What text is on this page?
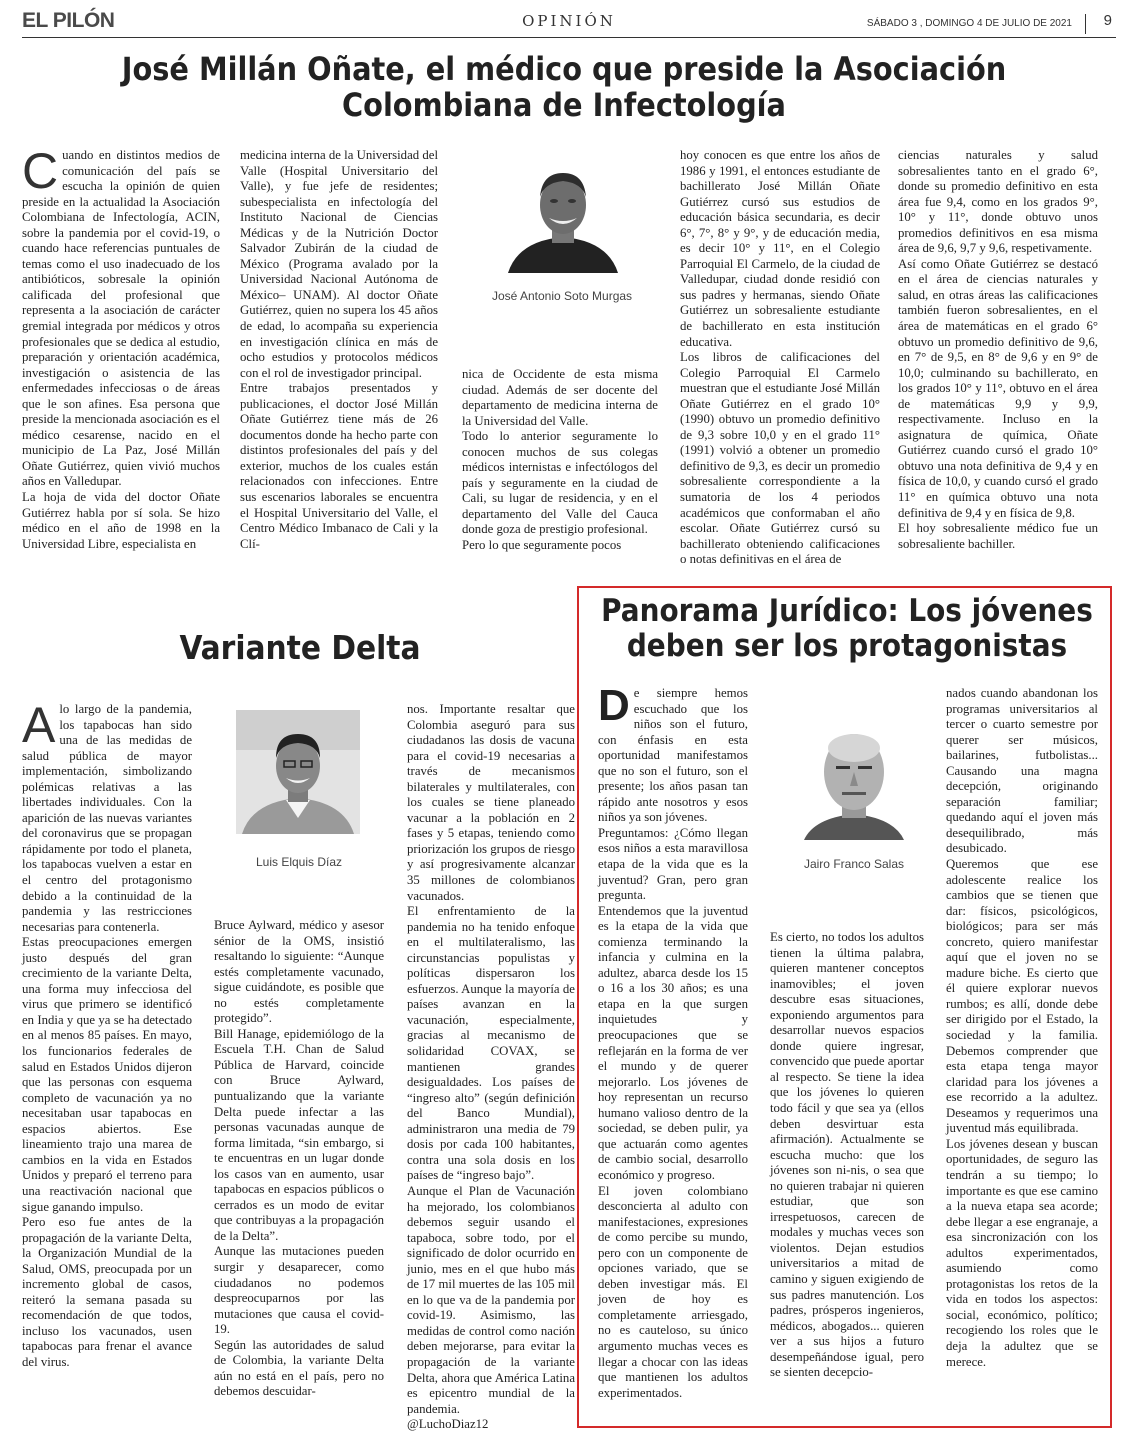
EL PILÓN	OPINIÓN	SÁBADO 3 , DOMINGO 4 DE JULIO DE 2021 9
José Millán Oñate, el médico que preside la Asociación Colombiana de Infectología

Cuando en distintos medios de comunicación del país se escucha la opinión de quien preside en la actualidad la Asociación Colombiana de Infectología, ACIN, sobre la pandemia por el covid-19, o cuando hace referencias puntuales de temas como el uso inadecuado de los antibióticos, sobresale la opinión calificada del profesional que representa a la asociación de carácter gremial integrada por médicos y otros profesionales que se dedica al estudio, preparación y orientación académica, investigación o asistencia de las enfermedades infecciosas o de áreas que le son afines. Esa persona que preside la mencionada asociación es el médico cesarense, nacido en el municipio de La Paz, José Millán Oñate Gutiérrez, quien vivió muchos años en Valledupar.

La hoja de vida del doctor Oñate Gutiérrez habla por sí sola. Se hizo médico en el año de 1998 en la Universidad Libre, especialista en

medicina interna de la Universidad del Valle (Hospital Universitario del Valle), y fue jefe de residentes; subespecialista en infectología del Instituto Nacional de Ciencias Médicas y de la Nutrición Doctor Salvador Zubirán de la ciudad de México (Programa avalado por la Universidad Nacional Autónoma de México– UNAM). Al doctor Oñate Gutiérrez, quien no supera los 45 años de edad, lo acompaña su experiencia en investigación clínica en más de ocho estudios y protocolos médicos con el rol de investigador principal.

Entre trabajos presentados y publicaciones, el doctor José Millán Oñate Gutiérrez tiene más de 26 documentos donde ha hecho parte con distintos profesionales del país y del exterior, muchos de los cuales están relacionados con infecciones. Entre sus escenarios laborales se encuentra el Hospital Universitario del Valle, el Centro Médico Imbanaco de Cali y la Clí-

José Antonio Soto Murgas

nica de Occidente de esta misma ciudad. Además de ser docente del departamento de medicina interna de la Universidad del Valle.

Todo lo anterior seguramente lo conocen muchos de sus colegas médicos internistas e infectólogos del país y seguramente en la ciudad de Cali, su lugar de residencia, y en el departamento del Valle del Cauca donde goza de prestigio profesional.

Pero lo que seguramente pocos

hoy conocen es que entre los años de 1986 y 1991, el entonces estudiante de bachillerato José Millán Oñate Gutiérrez cursó sus estudios de educación básica secundaria, es decir 6°, 7°, 8° y 9°, y de educación media, es decir 10° y 11°, en el Colegio Parroquial El Carmelo, de la ciudad de Valledupar, ciudad donde residió con sus padres y hermanas, siendo Oñate Gutiérrez un sobresaliente estudiante de bachillerato en esta institución educativa.

Los libros de calificaciones del Colegio Parroquial El Carmelo muestran que el estudiante José Millán Oñate Gutiérrez en el grado 10° (1990) obtuvo un promedio definitivo de 9,3 sobre 10,0 y en el grado 11° (1991) volvió a obtener un promedio definitivo de 9,3, es decir un promedio sobresaliente correspondiente a la sumatoria de los 4 periodos académicos que conformaban el año escolar. Oñate Gutiérrez cursó su bachillerato obteniendo calificaciones o notas definitivas en el área de

ciencias naturales y salud sobresalientes tanto en el grado 6°, donde su promedio definitivo en esta área fue 9,4, como en los grados 9°, 10° y 11°, donde obtuvo unos promedios definitivos en esa misma área de 9,6, 9,7 y 9,6, respetivamente.

Así como Oñate Gutiérrez se destacó en el área de ciencias naturales y salud, en otras áreas las calificaciones también fueron sobresalientes, en el área de matemáticas en el grado 6° obtuvo un promedio definitivo de 9,6, en 7° de 9,5, en 8° de 9,6 y en 9° de 10,0; culminando su bachillerato, en los grados 10° y 11°, obtuvo en el área de matemáticas 9,9 y 9,9, respectivamente. Incluso en la asignatura de química, Oñate Gutiérrez cuando cursó el grado 10° obtuvo una nota definitiva de 9,4 y en física de 10,0, y cuando cursó el grado 11° en química obtuvo una nota definitiva de 9,4 y en física de 9,8.

El hoy sobresaliente médico fue un sobresaliente bachiller.

Variante Delta

Alo largo de la pandemia, los tapabocas han sido una de las medidas de salud pública de mayor implementación, simbolizando polémicas relativas a las libertades individuales. Con la aparición de las nuevas variantes del coronavirus que se propagan rápidamente por todo el planeta, los tapabocas vuelven a estar en el centro del protagonismo debido a la continuidad de la pandemia y las restricciones necesarias para contenerla.

Estas preocupaciones emergen justo después del gran crecimiento de la variante Delta, una forma muy infecciosa del virus que primero se identificó en India y que ya se ha detectado en al menos 85 países. En mayo, los funcionarios federales de salud en Estados Unidos dijeron que las personas con esquema completo de vacunación ya no necesitaban usar tapabocas en espacios abiertos. Ese lineamiento trajo una marea de cambios en la vida en Estados Unidos y preparó el terreno para una reactivación nacional que sigue ganando impulso.

Pero eso fue antes de la propagación de la variante Delta, la Organización Mundial de la Salud, OMS, preocupada por un incremento global de casos, reiteró la semana pasada su recomendación de que todos, incluso los vacunados, usen tapabocas para frenar el avance del virus.

Luis Elquis Díaz

Bruce Aylward, médico y asesor sénior de la OMS, insistió resaltando lo siguiente: “Aunque estés completamente vacunado, sigue cuidándote, es posible que no estés completamente protegido”.

Bill Hanage, epidemiólogo de la Escuela T.H. Chan de Salud Pública de Harvard, coincide con Bruce Aylward, puntualizando que la variante Delta puede infectar a las personas vacunadas aunque de forma limitada, “sin embargo, si te encuentras en un lugar donde los casos van en aumento, usar tapabocas en espacios públicos o cerrados es un modo de evitar que contribuyas a la propagación de la Delta”.

Aunque las mutaciones pueden surgir y desaparecer, como ciudadanos no podemos despreocuparnos por las mutaciones que causa el covid-19.

Según las autoridades de salud de Colombia, la variante Delta aún no está en el país, pero no debemos descuidar-

nos. Importante resaltar que Colombia aseguró para sus ciudadanos las dosis de vacuna para el covid-19 necesarias a través de mecanismos bilaterales y multilaterales, con los cuales se tiene planeado vacunar a la población en 2 fases y 5 etapas, teniendo como priorización los grupos de riesgo y así progresivamente alcanzar 35 millones de colombianos vacunados.

El enfrentamiento de la pandemia no ha tenido enfoque en el multilateralismo, las circunstancias populistas y políticas dispersaron los esfuerzos. Aunque la mayoría de países avanzan en la vacunación, especialmente, gracias al mecanismo de solidaridad COVAX, se mantienen grandes desigualdades. Los países de “ingreso alto” (según definición del Banco Mundial), administraron una media de 79 dosis por cada 100 habitantes, contra una sola dosis en los países de “ingreso bajo”.

Aunque el Plan de Vacunación ha mejorado, los colombianos debemos seguir usando el tapaboca, sobre todo, por el significado de dolor ocurrido en junio, mes en el que hubo más de 17 mil muertes de las 105 mil en lo que va de la pandemia por covid-19. Asimismo, las medidas de control como nación deben mejorarse, para evitar la propagación de la variante Delta, ahora que América Latina es epicentro mundial de la pandemia.

@LuchoDiaz12

Panorama Jurídico: Los jóvenes deben ser los protagonistas

De siempre hemos escuchado que los niños son el futuro, con énfasis en esta oportunidad manifestamos que no son el futuro, son el presente; los años pasan tan rápido ante nosotros y esos niños ya son jóvenes.

Preguntamos: ¿Cómo llegan esos niños a esta maravillosa etapa de la vida que es la juventud? Gran, pero gran pregunta.

Entendemos que la juventud es la etapa de la vida que comienza terminando la infancia y culmina en la adultez, abarca desde los 15 o 16 a los 30 años; es una etapa en la que surgen inquietudes y preocupaciones que se reflejarán en la forma de ver el mundo y de querer mejorarlo. Los jóvenes de hoy representan un recurso humano valioso dentro de la sociedad, se deben pulir, ya que actuarán como agentes de cambio social, desarrollo económico y progreso.

El joven colombiano desconcierta al adulto con manifestaciones, expresiones de como percibe su mundo, pero con un componente de opciones variado, que se deben investigar más. El joven de hoy es completamente arriesgado, no es cauteloso, su único argumento muchas veces es llegar a chocar con las ideas que mantienen los adultos experimentados.

Jairo Franco Salas

Es cierto, no todos los adultos tienen la última palabra, quieren mantener conceptos inamovibles; el joven descubre esas situaciones, exponiendo argumentos para desarrollar nuevos espacios donde quiere ingresar, convencido que puede aportar al respecto. Se tiene la idea que los jóvenes lo quieren todo fácil y que sea ya (ellos deben desvirtuar esta afirmación). Actualmente se escucha mucho: que los jóvenes son ni-nis, o sea que no quieren trabajar ni quieren estudiar, que son irrespetuosos, carecen de modales y muchas veces son violentos. Dejan estudios universitarios a mitad de camino y siguen exigiendo de sus padres manutención. Los padres, prósperos ingenieros, médicos, abogados... quieren ver a sus hijos a futuro desempeñándose igual, pero se sienten decepcio-

nados cuando abandonan los programas universitarios al tercer o cuarto semestre por querer ser músicos, bailarines, futbolistas... Causando una magna decepción, originando separación familiar; quedando aquí el joven más desequilibrado, más desubicado.

Queremos que ese adolescente realice los cambios que se tienen que dar: físicos, psicológicos, biológicos; para ser más concreto, quiero manifestar aquí que el joven no se madure biche. Es cierto que él quiere explorar nuevos rumbos; es allí, donde debe ser dirigido por el Estado, la sociedad y la familia. Debemos comprender que esta etapa tenga mayor claridad para los jóvenes a ese recorrido a la adultez. Deseamos y requerimos una juventud más equilibrada.

Los jóvenes desean y buscan oportunidades, de seguro las tendrán a su tiempo; lo importante es que ese camino a la nueva etapa sea acorde; debe llegar a ese engranaje, a esa sincronización con los adultos experimentados, asumiendo como protagonistas los retos de la vida en todos los aspectos: social, económico, político; recogiendo los roles que le deja la adultez que se merece.
